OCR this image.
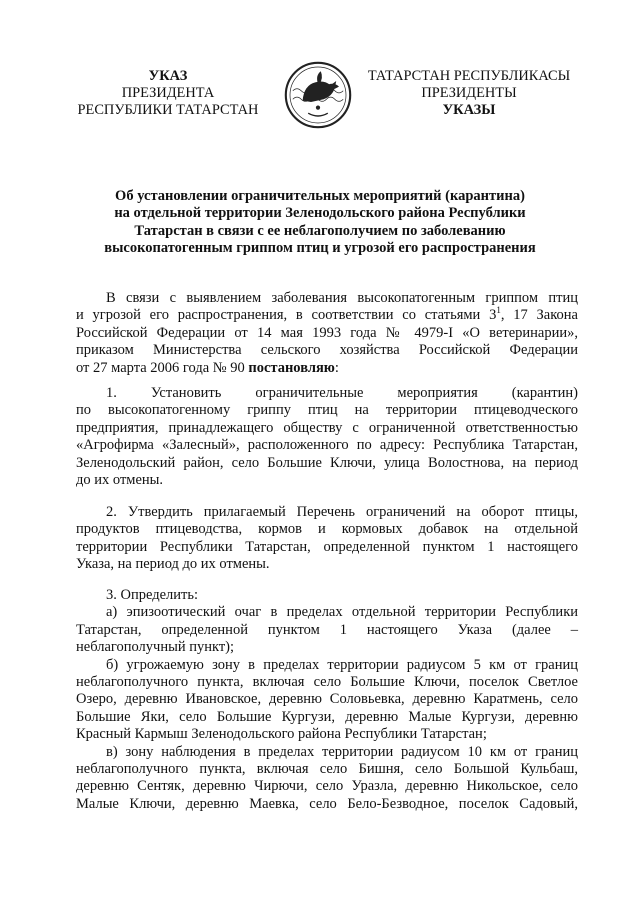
УКАЗ
ПРЕЗИДЕНТА
РЕСПУБЛИКИ ТАТАРСТАН
ТАТАРСТАН РЕСПУБЛИКАСЫ
ПРЕЗИДЕНТЫ
УКАЗЫ
Об установлении ограничительных мероприятий (карантина)
на отдельной территории Зеленодольского района Республики
Татарстан в связи с ее неблагополучием по заболеванию
высокопатогенным гриппом птиц и угрозой его распространения
В связи с выявлением заболевания высокопатогенным гриппом птиц
и угрозой его распространения, в соответствии со статьями $3^1$, 17 Закона
Российской Федерации от 14 мая 1993 года № 4979-I «О ветеринарии»,
приказом Министерства сельского хозяйства Российской Федерации
от 27 марта 2006 года № 90 постановляю:
1. Установить ограничительные мероприятия (карантин)
по высокопатогенному гриппу птиц на территории птицеводческого
предприятия, принадлежащего обществу с ограниченной ответственностью
«Агрофирма «Залесный», расположенного по адресу: Республика Татарстан,
Зеленодольский район, село Большие Ключи, улица Волостнова, на период
до их отмены.
2. Утвердить прилагаемый Перечень ограничений на оборот птицы,
продуктов птицеводства, кормов и кормовых добавок на отдельной
территории Республики Татарстан, определенной пунктом 1 настоящего
Указа, на период до их отмены.
3. Определить:
а) эпизоотический очаг в пределах отдельной территории Республики
Татарстан, определенной пунктом 1 настоящего Указа (далее –
неблагополучный пункт);
б) угрожаемую зону в пределах территории радиусом 5 км от границ
неблагополучного пункта, включая село Большие Ключи, поселок Светлое
Озеро, деревню Ивановское, деревню Соловьевка, деревню Каратмень, село
Большие Яки, село Большие Кургузи, деревню Малые Кургузи, деревню
Красный Кармыш Зеленодольского района Республики Татарстан;
в) зону наблюдения в пределах территории радиусом 10 км от границ
неблагополучного пункта, включая село Бишня, село Большой Кульбаш,
деревню Сентяк, деревню Чирючи, село Уразла, деревню Никольское, село
Малые Ключи, деревню Маевка, село Бело-Безводное, поселок Садовый,
